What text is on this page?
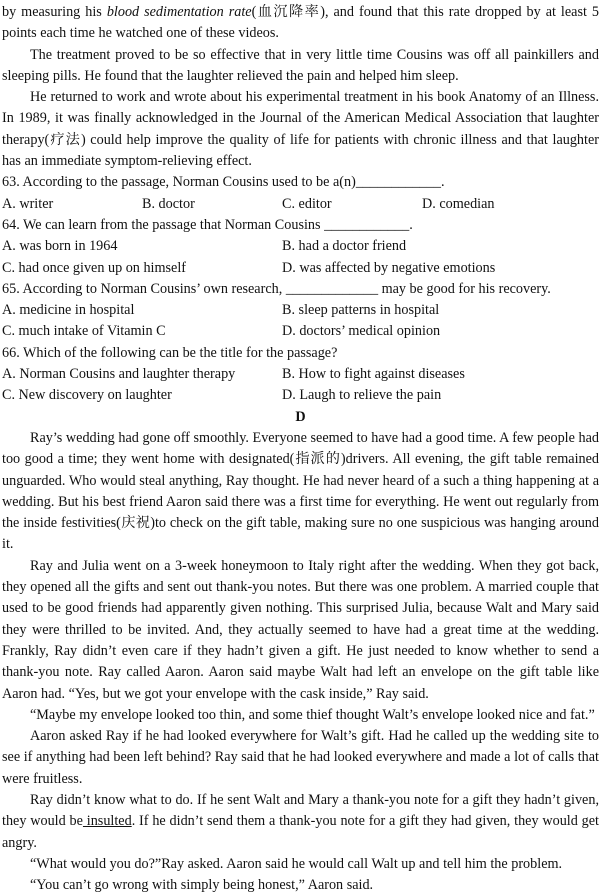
by measuring his blood sedimentation rate(血沉降率), and found that this rate dropped by at least 5 points each time he watched one of these videos.

The treatment proved to be so effective that in very little time Cousins was off all painkillers and sleeping pills. He found that the laughter relieved the pain and helped him sleep.

He returned to work and wrote about his experimental treatment in his book Anatomy of an Illness. In 1989, it was finally acknowledged in the Journal of the American Medical Association that laughter therapy(疗法) could help improve the quality of life for patients with chronic illness and that laughter has an immediate symptom-relieving effect.

63. According to the passage, Norman Cousins used to be a(n)____________.
A. writer	B. doctor	C. editor	D. comedian
64. We can learn from the passage that Norman Cousins ____________.
A. was born in 1964	B. had a doctor friend
C. had once given up on himself	D. was affected by negative emotions
65. According to Norman Cousins’ own research, _____________ may be good for his recovery.
A. medicine in hospital	B. sleep patterns in hospital
C. much intake of Vitamin C	D. doctors’ medical opinion
66. Which of the following can be the title for the passage?
A. Norman Cousins and laughter therapy	B. How to fight against diseases
C. New discovery on laughter	D. Laugh to relieve the pain
D

Ray’s wedding had gone off smoothly. Everyone seemed to have had a good time. A few people had too good a time; they went home with designated(指派的)drivers. All evening, the gift table remained unguarded. Who would steal anything, Ray thought. He had never heard of a such a thing happening at a wedding. But his best friend Aaron said there was a first time for everything. He went out regularly from the inside festivities(庆祝)to check on the gift table, making sure no one suspicious was hanging around it.

Ray and Julia went on a 3-week honeymoon to Italy right after the wedding. When they got back, they opened all the gifts and sent out thank-you notes. But there was one problem. A married couple that used to be good friends had apparently given nothing. This surprised Julia, because Walt and Mary said they were thrilled to be invited. And, they actually seemed to have had a great time at the wedding. Frankly, Ray didn’t even care if they hadn’t given a gift. He just needed to know whether to send a thank-you note. Ray called Aaron. Aaron said maybe Walt had left an envelope on the gift table like Aaron had. “Yes, but we got your envelope with the cask inside,” Ray said.

“Maybe my envelope looked too thin, and some thief thought Walt’s envelope looked nice and fat.”

Aaron asked Ray if he had looked everywhere for Walt’s gift. Had he called up the wedding site to see if anything had been left behind? Ray said that he had looked everywhere and made a lot of calls that were fruitless.

Ray didn’t know what to do. If he sent Walt and Mary a thank-you note for a gift they hadn’t given, they would be insulted. If he didn’t send them a thank-you note for a gift they had given, they would get angry.

“What would you do?”Ray asked. Aaron said he would call Walt up and tell him the problem.

“You can’t go wrong with simply being honest,” Aaron said.
